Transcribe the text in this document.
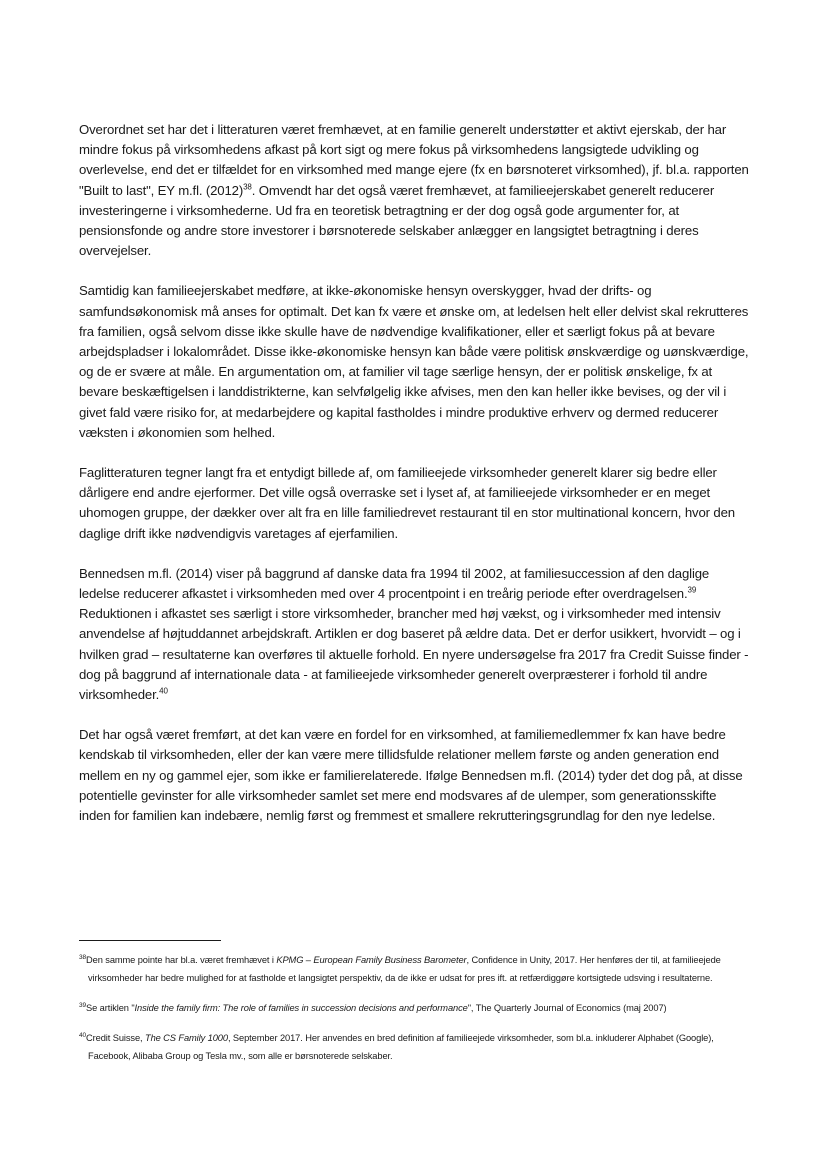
Overordnet set har det i litteraturen været fremhævet, at en familie generelt understøtter et aktivt ejerskab, der har mindre fokus på virksomhedens afkast på kort sigt og mere fokus på virksomhedens langsigtede udvikling og overlevelse, end det er tilfældet for en virksomhed med mange ejere (fx en børsnoteret virksomhed), jf. bl.a. rapporten "Built to last", EY m.fl. $(2012)^{38}$. Omvendt har det også været fremhævet, at familieejerskabet generelt reducerer investeringerne i virksomhederne. Ud fra en teoretisk betragtning er der dog også gode argumenter for, at pensionsfonde og andre store investorer i børsnoterede selskaber anlægger en langsigtet betragtning i deres overvejelser.

Samtidig kan familieejerskabet medføre, at ikke-økonomiske hensyn overskygger, hvad der drifts- og samfundsøkonomisk må anses for optimalt. Det kan fx være et ønske om, at ledelsen helt eller delvist skal rekrutteres fra familien, også selvom disse ikke skulle have de nødvendige kvalifikationer, eller et særligt fokus på at bevare arbejdspladser i lokalområdet. Disse ikke-økonomiske hensyn kan både være politisk ønskværdige og uønskværdige, og de er svære at måle. En argumentation om, at familier vil tage særlige hensyn, der er politisk ønskelige, fx at bevare beskæftigelsen i landdistrikterne, kan selvfølgelig ikke afvises, men den kan heller ikke bevises, og der vil i givet fald være risiko for, at medarbejdere og kapital fastholdes i mindre produktive erhverv og dermed reducerer væksten i økonomien som helhed.

Faglitteraturen tegner langt fra et entydigt billede af, om familieejede virksomheder generelt klarer sig bedre eller dårligere end andre ejerformer. Det ville også overraske set i lyset af, at familieejede virksomheder er en meget uhomogen gruppe, der dækker over alt fra en lille familiedrevet restaurant til en stor multinational koncern, hvor den daglige drift ikke nødvendigvis varetages af ejerfamilien.

Bennedsen m.fl. (2014) viser på baggrund af danske data fra 1994 til 2002, at familiesuccession af den daglige ledelse reducerer afkastet i virksomheden med over 4 procentpoint i en treårig periode efter overdragelsen.$^{39}$ Reduktionen i afkastet ses særligt i store virksomheder, brancher med høj vækst, og i virksomheder med intensiv anvendelse af højtuddannet arbejdskraft. Artiklen er dog baseret på ældre data. Det er derfor usikkert, hvorvidt – og i hvilken grad – resultaterne kan overføres til aktuelle forhold. En nyere undersøgelse fra 2017 fra Credit Suisse finder - dog på baggrund af internationale data - at familieejede virksomheder generelt overpræsterer i forhold til andre virksomheder.$^{40}$

Det har også været fremført, at det kan være en fordel for en virksomhed, at familiemedlemmer fx kan have bedre kendskab til virksomheden, eller der kan være mere tillidsfulde relationer mellem første og anden generation end mellem en ny og gammel ejer, som ikke er familierelaterede. Ifølge Bennedsen m.fl. (2014) tyder det dog på, at disse potentielle gevinster for alle virksomheder samlet set mere end modsvares af de ulemper, som generationsskifte inden for familien kan indebære, nemlig først og fremmest et smallere rekrutteringsgrundlag for den nye ledelse.

$^{38}$Den samme pointe har bl.a. været fremhævet i KPMG – European Family Business Barometer, Confidence in Unity, 2017. Her henføres der til, at familieejede virksomheder har bedre mulighed for at fastholde et langsigtet perspektiv, da de ikke er udsat for pres ift. at retfærdiggøre kortsigtede udsving i resultaterne.
$^{39}$Se artiklen "Inside the family firm: The role of families in succession decisions and performance", The Quarterly Journal of Economics (maj 2007)
$^{40}$Credit Suisse, The CS Family 1000, September 2017. Her anvendes en bred definition af familieejede virksomheder, som bl.a. inkluderer Alphabet (Google), Facebook, Alibaba Group og Tesla mv., som alle er børsnoterede selskaber.
